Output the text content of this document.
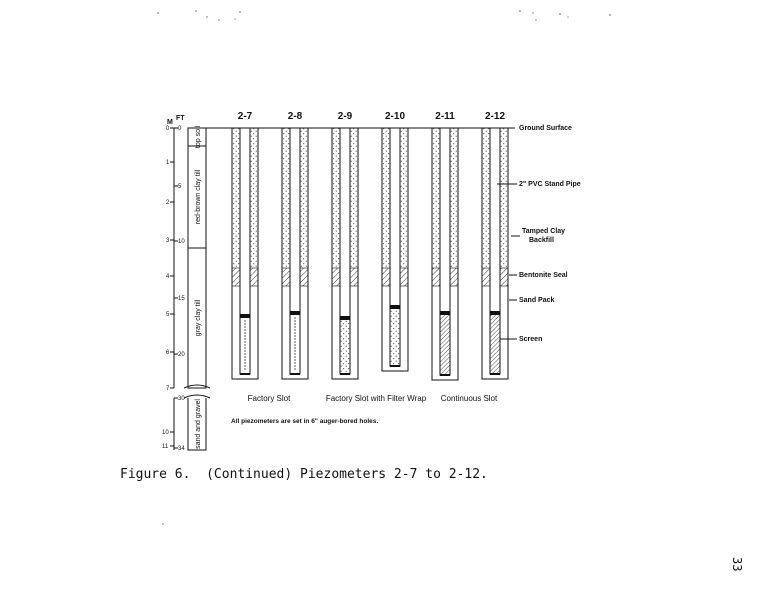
M
FT
0
1
2
3
4
5
6
7
10
11
0
5
10
15
20
30
34
top soil
red-brown clay till
gray clay till
sand and gravel
2-7	2-8	2-9	2-10	2-11	2-12
Factory Slot	Factory Slot with Filter Wrap Continuous Slot
Ground Surface
2" PVC Stand Pipe
Tamped Clay
Backfill
Bentonite Seal
Sand Pack
Screen
All piezometers are set in 6" auger-bored holes.
Figure 6.  (Continued) Piezometers 2-7 to 2-12.
33
